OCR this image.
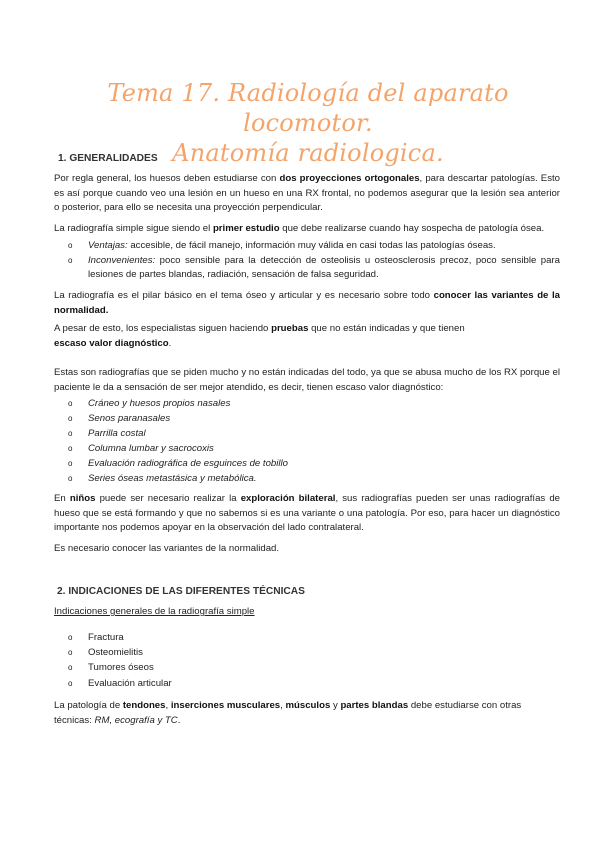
Tema 17. Radiología del aparato locomotor.
Anatomía radiologica.
1. GENERALIDADES

Por regla general, los huesos deben estudiarse con dos proyecciones ortogonales, para descartar patologías. Esto es así porque cuando veo una lesión en un hueso en una RX frontal, no podemos asegurar que la lesión sea anterior o posterior, para ello se necesita una proyección perpendicular.

La radiografía simple sigue siendo el primer estudio que debe realizarse cuando hay sospecha de patología ósea.

o Ventajas: accesible, de fácil manejo, información muy válida en casi todas las patologías óseas.
o Inconvenientes: poco sensible para la detección de osteolisis u osteosclerosis precoz, poco sensible para lesiones de partes blandas, radiación, sensación de falsa seguridad.

La radiografía es el pilar básico en el tema óseo y articular y es necesario sobre todo conocer las variantes de la normalidad.

A pesar de esto, los especialistas siguen haciendo pruebas que no están indicadas y que tienen
escaso valor diagnóstico.

Estas son radiografías que se piden mucho y no están indicadas del todo, ya que se abusa mucho de los RX porque el paciente le da a sensación de ser mejor atendido, es decir, tienen escaso valor diagnóstico:

o Cráneo y huesos propios nasales
o Senos paranasales
o Parrilla costal
o Columna lumbar y sacrocoxis
o Evaluación radiográfica de esguinces de tobillo
o Series óseas metastásica y metabólica.

En niños puede ser necesario realizar la exploración bilateral, sus radiografías pueden ser unas radiografías de hueso que se está formando y que no sabemos si es una variante o una patología. Por eso, para hacer un diagnóstico importante nos podemos apoyar en la observación del lado contralateral.

Es necesario conocer las variantes de la normalidad.

2. INDICACIONES DE LAS DIFERENTES TÉCNICAS

Indicaciones generales de la radiografía simple

o Fractura
o Osteomielitis
o Tumores óseos
o Evaluación articular

La patología de tendones, inserciones musculares, músculos y partes blandas debe estudiarse con otras técnicas: RM, ecografía y TC.
